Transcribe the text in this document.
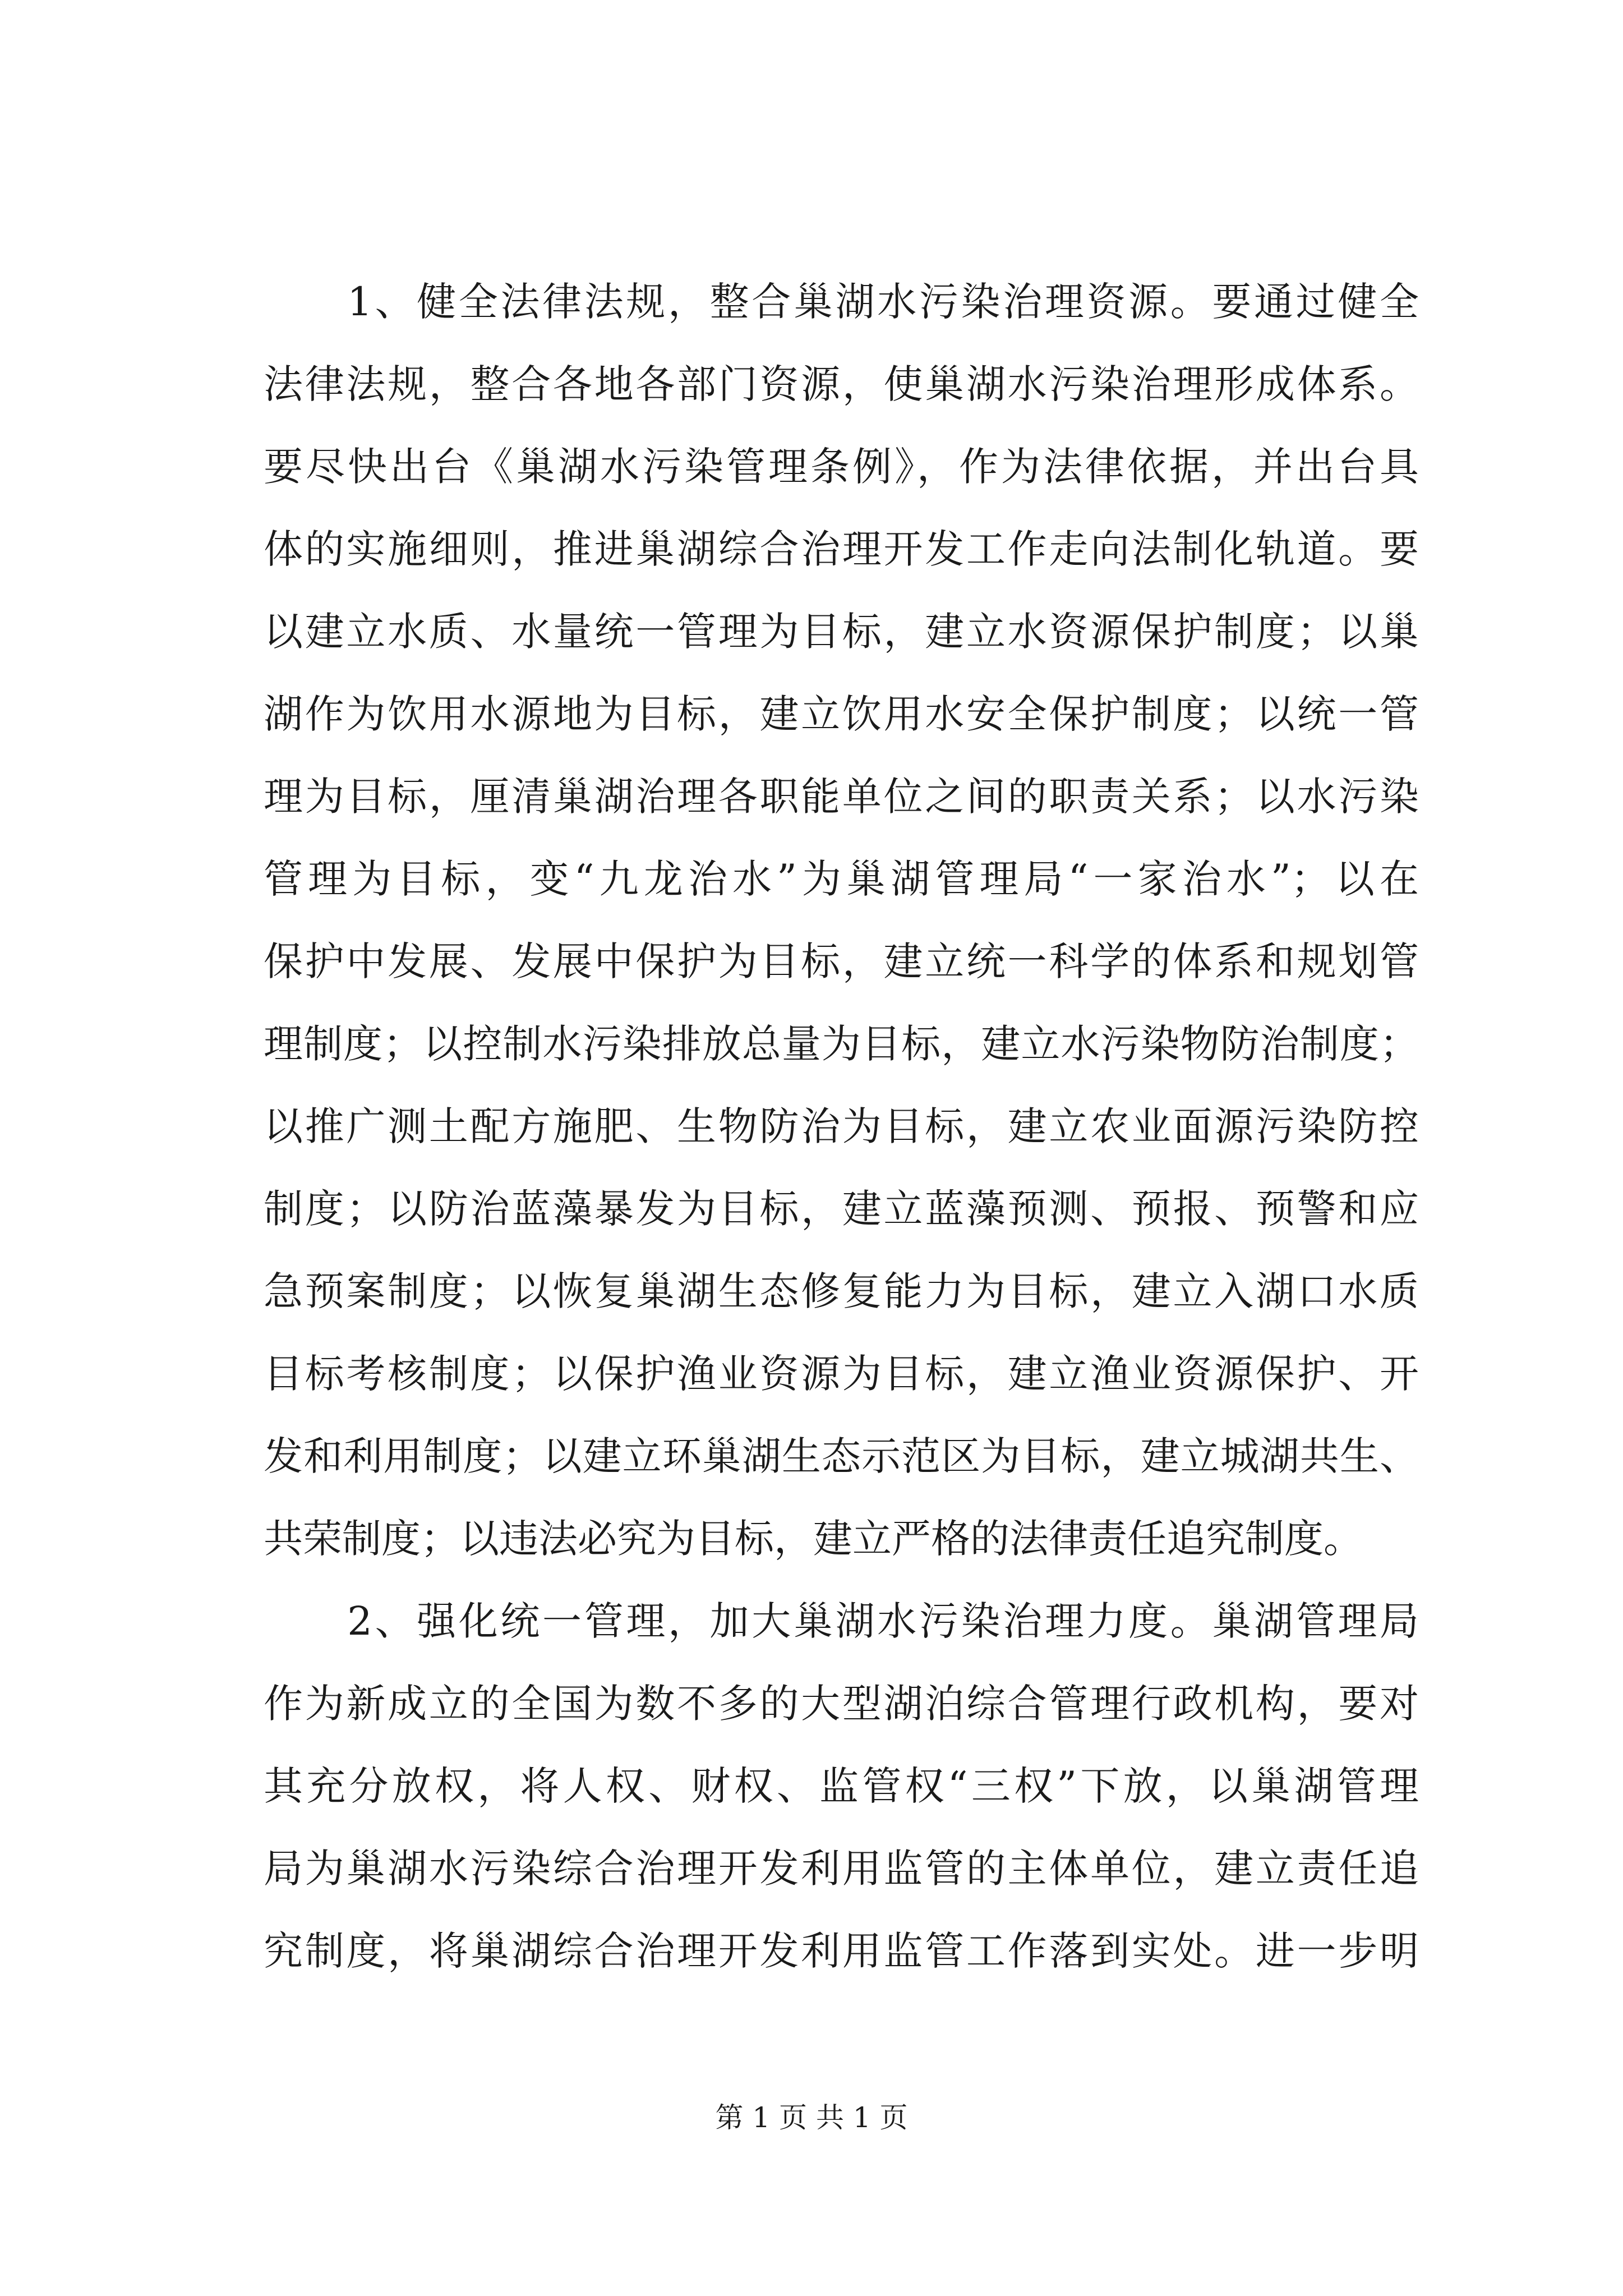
　　1、健全法律法规，整合巢湖水污染治理资源。要通过健全
法律法规，整合各地各部门资源，使巢湖水污染治理形成体系。
要尽快出台《巢湖水污染管理条例》，作为法律依据，并出台具
体的实施细则，推进巢湖综合治理开发工作走向法制化轨道。要
以建立水质、水量统一管理为目标，建立水资源保护制度；以巢
湖作为饮用水源地为目标，建立饮用水安全保护制度；以统一管
理为目标，厘清巢湖治理各职能单位之间的职责关系；以水污染
管理为目标，变“九龙治水”为巢湖管理局“一家治水”；以在
保护中发展、发展中保护为目标，建立统一科学的体系和规划管
理制度；以控制水污染排放总量为目标，建立水污染物防治制度；
以推广测土配方施肥、生物防治为目标，建立农业面源污染防控
制度；以防治蓝藻暴发为目标，建立蓝藻预测、预报、预警和应
急预案制度；以恢复巢湖生态修复能力为目标，建立入湖口水质
目标考核制度；以保护渔业资源为目标，建立渔业资源保护、开
发和利用制度；以建立环巢湖生态示范区为目标，建立城湖共生、
共荣制度；以违法必究为目标，建立严格的法律责任追究制度。
　　2、强化统一管理，加大巢湖水污染治理力度。巢湖管理局
作为新成立的全国为数不多的大型湖泊综合管理行政机构，要对
其充分放权，将人权、财权、监管权“三权”下放，以巢湖管理
局为巢湖水污染综合治理开发利用监管的主体单位，建立责任追
究制度，将巢湖综合治理开发利用监管工作落到实处。进一步明
第 1 页 共 1 页
